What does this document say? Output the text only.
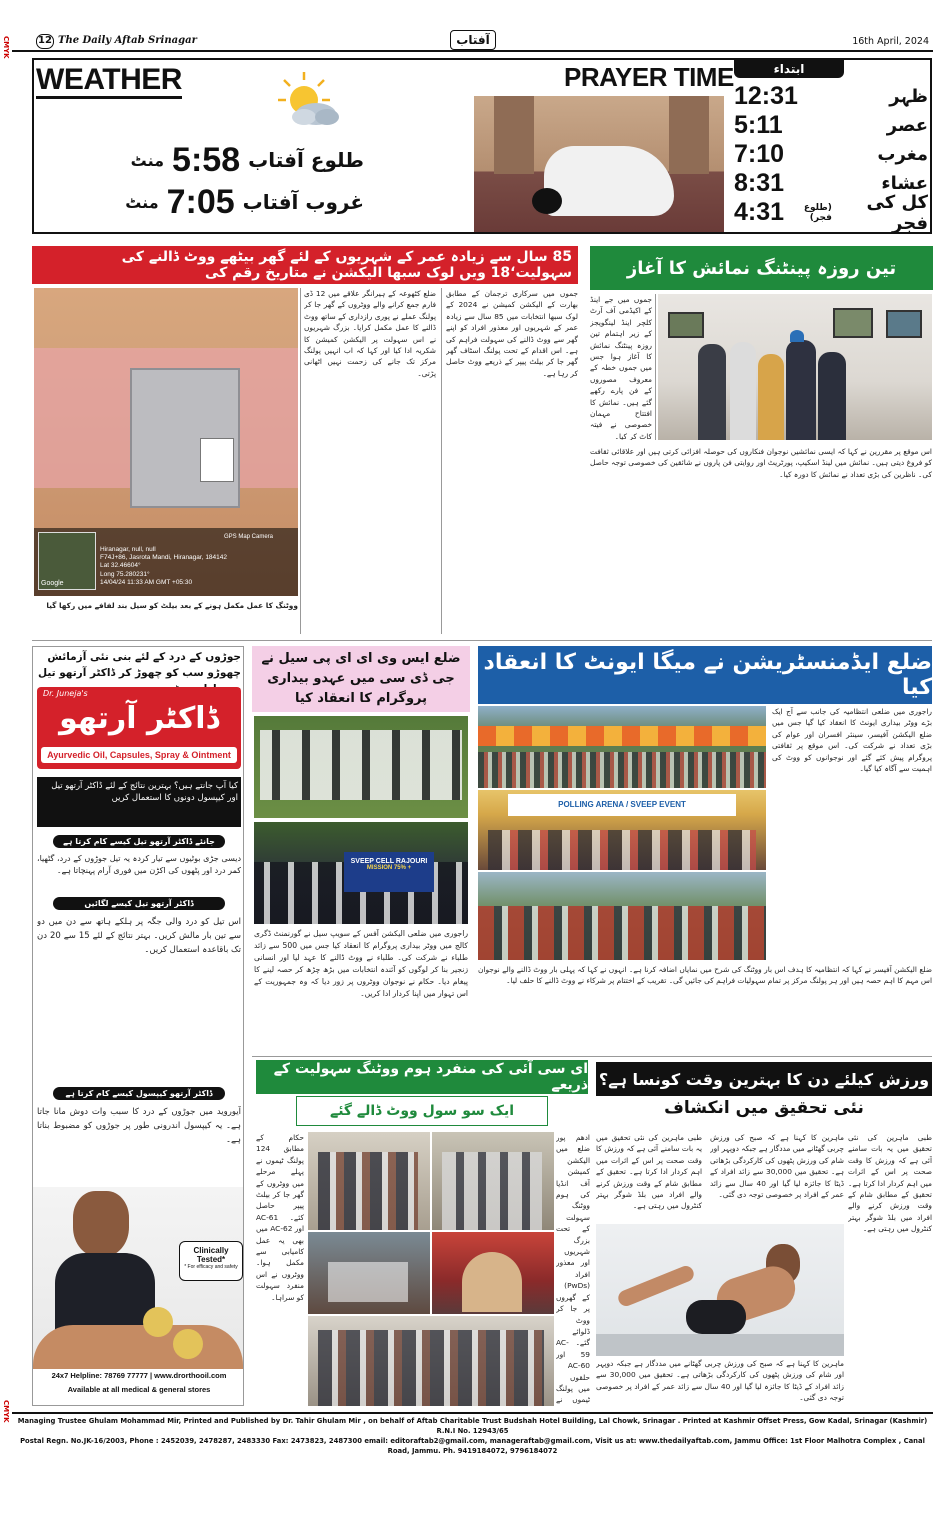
CMYK
CMYK
12 The Daily Aftab Srinagar	آفتاب	16th April, 2024
WEATHER
طلوع آفتاب
5:58
منٹ
غروب آفتاب
7:05
منٹ
PRAYER TIME	ابتداء
12:31	ظہر
5:11	عصر
7:10	مغرب
8:31	عشاء
4:31	کل کی فجر
(طلوع فجر)
85 سال سے زیادہ عمر کے شہریوں کے لئے گھر بیٹھے ووٹ ڈالنے کی سہولیت‘18 ویں لوک سبھا الیکشن نے متاریخ رقم کی
Google
GPS Map Camera
Hiranagar, null, null
F74J+86, Jasrota Mandi, Hiranagar, 184142
Lat 32.46604°
Long 75.280231°
14/04/24 11:33 AM GMT +05:30
ووٹنگ کا عمل مکمل ہونے کے بعد بیلٹ کو سیل بند لفافے میں رکھا گیا
جموں میں سرکاری ترجمان کے مطابق بھارت کے الیکشن کمیشن نے 2024 کے لوک سبھا انتخابات میں 85 سال سے زیادہ عمر کے شہریوں اور معذور افراد کو اپنے گھر سے ووٹ ڈالنے کی سہولت فراہم کی ہے۔ اس اقدام کے تحت پولنگ اسٹاف گھر گھر جا کر بیلٹ پیپر کے ذریعے ووٹ حاصل کر رہا ہے۔
ضلع کٹھوعہ کے ہیرانگر علاقے میں 12 ڈی فارم جمع کرانے والے ووٹروں کے گھر جا کر پولنگ عملے نے پوری رازداری کے ساتھ ووٹ ڈالنے کا عمل مکمل کرایا۔ بزرگ شہریوں نے اس سہولت پر الیکشن کمیشن کا شکریہ ادا کیا اور کہا کہ اب انہیں پولنگ مرکز تک جانے کی زحمت نہیں اٹھانی پڑتی۔
تین روزہ پینٹنگ نمائش کا آغاز
جموں میں جے اینڈ کے اکیڈمی آف آرٹ کلچر اینڈ لینگویجز کے زیر اہتمام تین روزہ پینٹنگ نمائش کا آغاز ہوا جس میں جموں خطہ کے معروف مصوروں کے فن پارے رکھے گئے ہیں۔ نمائش کا افتتاح مہمان خصوصی نے فیتہ کاٹ کر کیا۔
اس موقع پر مقررین نے کہا کہ ایسی نمائشیں نوجوان فنکاروں کی حوصلہ افزائی کرتی ہیں اور علاقائی ثقافت کو فروغ دیتی ہیں۔ نمائش میں لینڈ اسکیپ، پورٹریٹ اور روایتی فن پاروں نے شائقین کی خصوصی توجہ حاصل کی۔ ناظرین کی بڑی تعداد نے نمائش کا دورہ کیا۔
جوڑوں کے درد کے لئے بنی نئی آزمائش چھوڑو سب کو چھوڑ کر ڈاکٹر آرتھو تیل
Dr. Juneja's
ڈاکٹر آرتھو
Ayurvedic Oil, Capsules, Spray & Ointment
کیا آپ جانتے ہیں؟ بہترین نتائج کے لئے ڈاکٹر آرتھو تیل اور کیپسول دونوں کا استعمال کریں
جانئے ڈاکٹر آرتھو تیل کیسے کام کرتا ہے
دیسی جڑی بوٹیوں سے تیار کردہ یہ تیل جوڑوں کے درد، گٹھیا، کمر درد اور پٹھوں کی اکڑن میں فوری آرام پہنچاتا ہے۔
ڈاکٹر آرتھو تیل کیسے لگائیں
اس تیل کو درد والی جگہ پر ہلکے ہاتھ سے دن میں دو سے تین بار مالش کریں۔ بہتر نتائج کے لئے 15 سے 20 دن تک باقاعدہ استعمال کریں۔
ڈاکٹر آرتھو کیپسول کیسے کام کرتا ہے
آیوروید میں جوڑوں کے درد کا سبب وات دوش مانا جاتا ہے۔ یہ کیپسول اندرونی طور پر جوڑوں کو مضبوط بناتا ہے۔
Clinically Tested*
* For efficacy and safety
24x7 Helpline: 78769 77777 | www.drorthooil.com
Available at all medical & general stores
ضلع ایس وی ای ای پی سیل نے جی ڈی سی میں عہدو بیداری پروگرام کا انعقاد کیا
SVEEP CELL RAJOURI
MISSION 75% +
راجوری میں ضلعی الیکشن آفس کے سویپ سیل نے گورنمنٹ ڈگری کالج میں ووٹر بیداری پروگرام کا انعقاد کیا جس میں 500 سے زائد طلباء نے شرکت کی۔ طلباء نے ووٹ ڈالنے کا عہد لیا اور انسانی زنجیر بنا کر لوگوں کو آئندہ انتخابات میں بڑھ چڑھ کر حصہ لینے کا پیغام دیا۔ حکام نے نوجوان ووٹروں پر زور دیا کہ وہ جمہوریت کے اس تہوار میں اپنا کردار ادا کریں۔
ضلع ایڈمنسٹریشن نے میگا ایونٹ کا انعقاد کیا
POLLING ARENA / SVEEP EVENT
راجوری میں ضلعی انتظامیہ کی جانب سے آج ایک بڑے ووٹر بیداری ایونٹ کا انعقاد کیا گیا جس میں ضلع الیکشن آفیسر، سینئر افسران اور عوام کی بڑی تعداد نے شرکت کی۔ اس موقع پر ثقافتی پروگرام پیش کئے گئے اور نوجوانوں کو ووٹ کی اہمیت سے آگاہ کیا گیا۔
ضلع الیکشن آفیسر نے کہا کہ انتظامیہ کا ہدف اس بار ووٹنگ کی شرح میں نمایاں اضافہ کرنا ہے۔ انہوں نے کہا کہ پہلی بار ووٹ ڈالنے والے نوجوان اس مہم کا اہم حصہ ہیں اور ہر پولنگ مرکز پر تمام سہولیات فراہم کی جائیں گی۔ تقریب کے اختتام پر شرکاء نے ووٹ ڈالنے کا حلف لیا۔
ای سی آئی کی منفرد ہوم ووٹنگ سہولیت کے ذریعے
ایک سو سول ووٹ ڈالے گئے
ادھم پور ضلع میں الیکشن کمیشن آف انڈیا کی ہوم ووٹنگ سہولت کے تحت بزرگ شہریوں اور معذور افراد (PwDs) کے گھروں پر جا کر ووٹ ڈلوائے گئے۔ AC-59 اور AC-60 حلقوں میں پولنگ ٹیموں نے
حکام کے مطابق 124 پولنگ ٹیموں نے پہلے مرحلے میں ووٹروں کے گھر جا کر بیلٹ پیپر حاصل کئے۔ AC-61 اور AC-62 میں بھی یہ عمل کامیابی سے مکمل ہوا۔ ووٹروں نے اس منفرد سہولت کو سراہا۔
ورزش کیلئے دن کا بہترین وقت کونسا ہے؟
نئی تحقیق میں انکشاف
طبی ماہرین کی نئی تحقیق میں یہ بات سامنے آئی ہے کہ ورزش کا وقت صحت پر اس کے اثرات میں اہم کردار ادا کرتا ہے۔ تحقیق کے مطابق شام کے وقت ورزش کرنے والے افراد میں بلڈ شوگر بہتر کنٹرول میں رہتی ہے۔
ماہرین کا کہنا ہے کہ صبح کی ورزش چربی گھٹانے میں مددگار ہے جبکہ دوپہر اور شام کی ورزش پٹھوں کی کارکردگی بڑھاتی ہے۔ تحقیق میں 30,000 سے زائد افراد کے ڈیٹا کا جائزہ لیا گیا اور 40 سال سے زائد عمر کے افراد پر خصوصی توجہ دی گئی۔
طبی ماہرین کی نئی تحقیق میں یہ بات سامنے آئی ہے کہ ورزش کا وقت صحت پر اس کے اثرات میں اہم کردار ادا کرتا ہے۔ تحقیق کے مطابق شام کے وقت ورزش کرنے والے افراد میں بلڈ شوگر بہتر کنٹرول میں رہتی ہے۔
ماہرین کا کہنا ہے کہ صبح کی ورزش چربی گھٹانے میں مددگار ہے جبکہ دوپہر اور شام کی ورزش پٹھوں کی کارکردگی بڑھاتی ہے۔ تحقیق میں 30,000 سے زائد افراد کے ڈیٹا کا جائزہ لیا گیا اور 40 سال سے زائد عمر کے افراد پر خصوصی توجہ دی گئی۔
Managing Trustee Ghulam Mohammad Mir, Printed and Published by Dr. Tahir Ghulam Mir , on behalf of Aftab Charitable Trust Budshah Hotel Building, Lal Chowk, Srinagar . Printed at Kashmir Offset Press, Gow Kadal, Srinagar (Kashmir) R.N.I No. 12943/65
Postal Regn. No.JK-16/2003, Phone : 2452039, 2478287, 2483330 Fax: 2473823, 2487300 email: editoraftab2@gmail.com, manageraftab@gmail.com, Visit us at: www.thedailyaftab.com, Jammu Office: 1st Floor Malhotra Complex , Canal Road, Jammu. Ph. 9419184072, 9796184072
